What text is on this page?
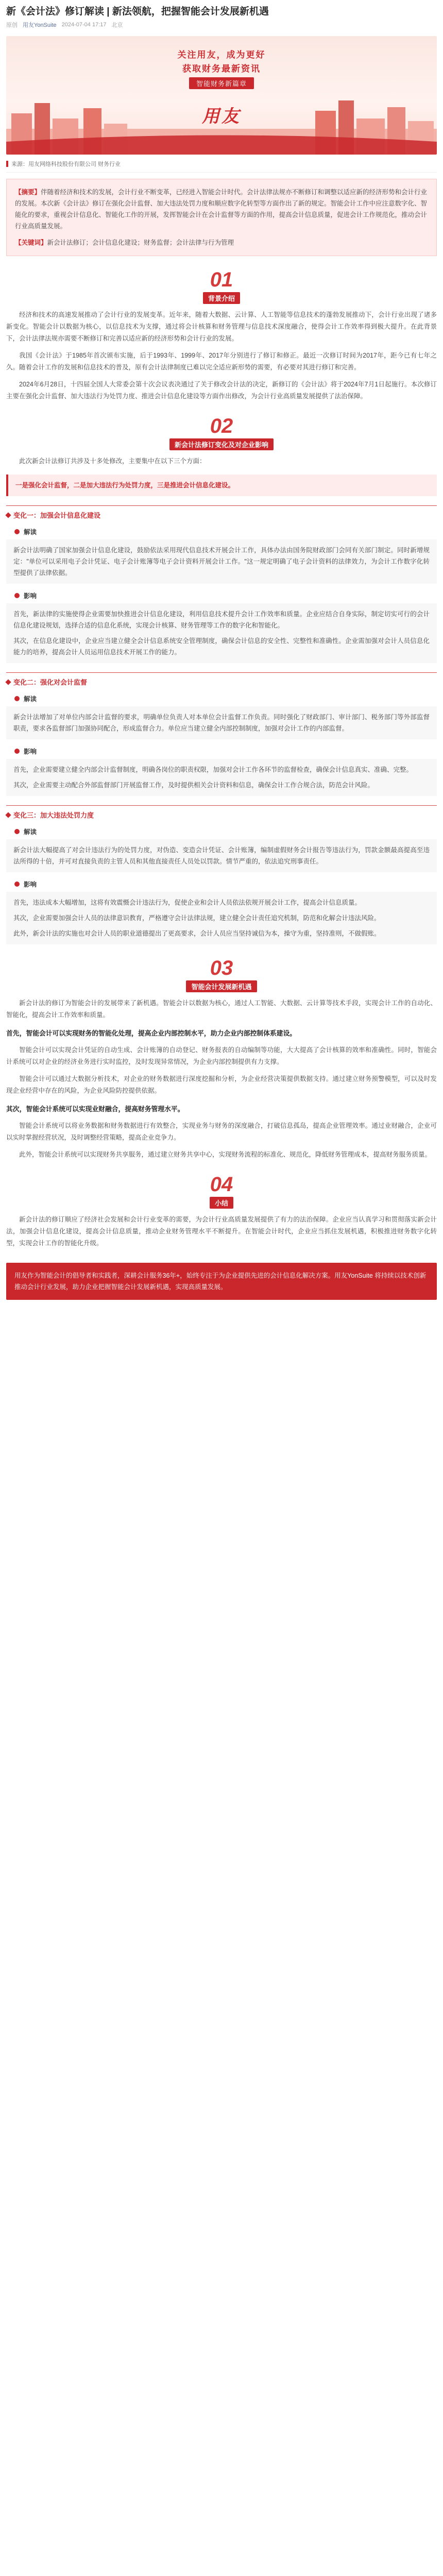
新《会计法》修订解读 | 新法领航，把握智能会计发展新机遇
原创 用友YonSuite 2024-07-04 17:17 北京
关注用友，成为更好
获取财务最新资讯
智能财务新篇章
用友
来源：用友网络科技股份有限公司 财务行业

【摘要】伴随着经济和技术的发展，会计行业不断变革，已经进入智能会计时代。会计法律法规亦不断修订和调整以适应新的经济形势和会计行业的发展。本次新《会计法》修订在强化会计监督、加大违法处罚力度和顺应数字化转型等方面作出了新的规定。智能会计工作中应注意数字化、智能化的要求，重视会计信息化、智能化工作的开展，发挥智能会计在会计监督等方面的作用，提高会计信息质量，促进会计工作规范化，推动会计行业高质量发展。

【关键词】新会计法修订；会计信息化建设；财务监督；会计法律与行为管理

01
背景介绍

经济和技术的高速发展推动了会计行业的发展变革。近年来，随着大数据、云计算、人工智能等信息技术的蓬勃发展推动下，会计行业出现了诸多新变化。智能会计以数据为核心，以信息技术为支撑，通过将会计核算和财务管理与信息技术深度融合，使得会计工作效率得到极大提升。在此背景下，会计法律法规亦需要不断修订和完善以适应新的经济形势和会计行业的发展。

我国《会计法》于1985年首次颁布实施，后于1993年、1999年、2017年分别进行了修订和修正。最近一次修订时间为2017年，距今已有七年之久。随着会计工作的发展和信息技术的普及，原有会计法律制度已难以完全适应新形势的需要，有必要对其进行修订和完善。

2024年6月28日，十四届全国人大常委会第十次会议表决通过了关于修改会计法的决定，新修订的《会计法》将于2024年7月1日起施行。本次修订主要在强化会计监督、加大违法行为处罚力度、推进会计信息化建设等方面作出修改，为会计行业高质量发展提供了法治保障。

02
新会计法修订变化及对企业影响

此次新会计法修订共涉及十多处修改，主要集中在以下三个方面：

一是强化会计监督，二是加大违法行为处罚力度，三是推进会计信息化建设。
变化一：加强会计信息化建设
解读

新会计法明确了国家加强会计信息化建设，鼓励依法采用现代信息技术开展会计工作，具体办法由国务院财政部门会同有关部门制定。同时新增规定："单位可以采用电子会计凭证、电子会计账簿等电子会计资料开展会计工作。"这一规定明确了电子会计资料的法律效力，为会计工作数字化转型提供了法律依据。

影响

首先，新法律的实施使得企业需要加快推进会计信息化建设，利用信息技术提升会计工作效率和质量。企业应结合自身实际，制定切实可行的会计信息化建设规划，选择合适的信息化系统，实现会计核算、财务管理等工作的数字化和智能化。

其次，在信息化建设中，企业应当建立健全会计信息系统安全管理制度，确保会计信息的安全性、完整性和准确性。企业需加强对会计人员信息化能力的培养，提高会计人员运用信息技术开展工作的能力。

变化二：强化对会计监督
解读

新会计法增加了对单位内部会计监督的要求，明确单位负责人对本单位会计监督工作负责。同时强化了财政部门、审计部门、税务部门等外部监督职责，要求各监督部门加强协同配合，形成监督合力。单位应当建立健全内部控制制度，加强对会计工作的内部监督。

影响

首先，企业需要建立健全内部会计监督制度，明确各岗位的职责权限，加强对会计工作各环节的监督检查，确保会计信息真实、准确、完整。

其次，企业需要主动配合外部监督部门开展监督工作，及时提供相关会计资料和信息，确保会计工作合规合法，防范会计风险。

变化三：加大违法处罚力度
解读

新会计法大幅提高了对会计违法行为的处罚力度，对伪造、变造会计凭证、会计账簿，编制虚假财务会计报告等违法行为，罚款金额最高提高至违法所得的十倍，并可对直接负责的主管人员和其他直接责任人员处以罚款。情节严重的，依法追究刑事责任。

影响

首先，违法成本大幅增加，这将有效震慑会计违法行为，促使企业和会计人员依法依规开展会计工作，提高会计信息质量。

其次，企业需要加强会计人员的法律意识教育，严格遵守会计法律法规，建立健全会计责任追究机制，防范和化解会计违法风险。

此外，新会计法的实施也对会计人员的职业道德提出了更高要求，会计人员应当坚持诚信为本，操守为重，坚持准则，不做假账。

03
智能会计发展新机遇

新会计法的修订为智能会计的发展带来了新机遇。智能会计以数据为核心，通过人工智能、大数据、云计算等技术手段，实现会计工作的自动化、智能化，提高会计工作效率和质量。

首先，智能会计可以实现财务的智能化处理，提高企业内部控制水平，助力企业内部控制体系建设。

智能会计可以实现会计凭证的自动生成、会计账簿的自动登记、财务报表的自动编制等功能，大大提高了会计核算的效率和准确性。同时，智能会计系统可以对企业的经济业务进行实时监控，及时发现异常情况，为企业内部控制提供有力支撑。

智能会计可以通过大数据分析技术，对企业的财务数据进行深度挖掘和分析，为企业经营决策提供数据支持。通过建立财务预警模型，可以及时发现企业经营中存在的风险，为企业风险防控提供依据。

其次，智能会计系统可以实现业财融合，提高财务管理水平。

智能会计系统可以将业务数据和财务数据进行有效整合，实现业务与财务的深度融合，打破信息孤岛，提高企业管理效率。通过业财融合，企业可以实时掌握经营状况，及时调整经营策略，提高企业竞争力。

此外，智能会计系统可以实现财务共享服务，通过建立财务共享中心，实现财务流程的标准化、规范化，降低财务管理成本，提高财务服务质量。

04
小结

新会计法的修订顺应了经济社会发展和会计行业变革的需要，为会计行业高质量发展提供了有力的法治保障。企业应当认真学习和贯彻落实新会计法，加强会计信息化建设，提高会计信息质量，推动企业财务管理水平不断提升。在智能会计时代，企业应当抓住发展机遇，积极推进财务数字化转型，实现会计工作的智能化升级。

用友作为智能会计的倡导者和实践者，深耕会计服务36年+，始终专注于为企业提供先进的会计信息化解决方案。用友YonSuite 将持续以技术创新推动会计行业发展，助力企业把握智能会计发展新机遇，实现高质量发展。
